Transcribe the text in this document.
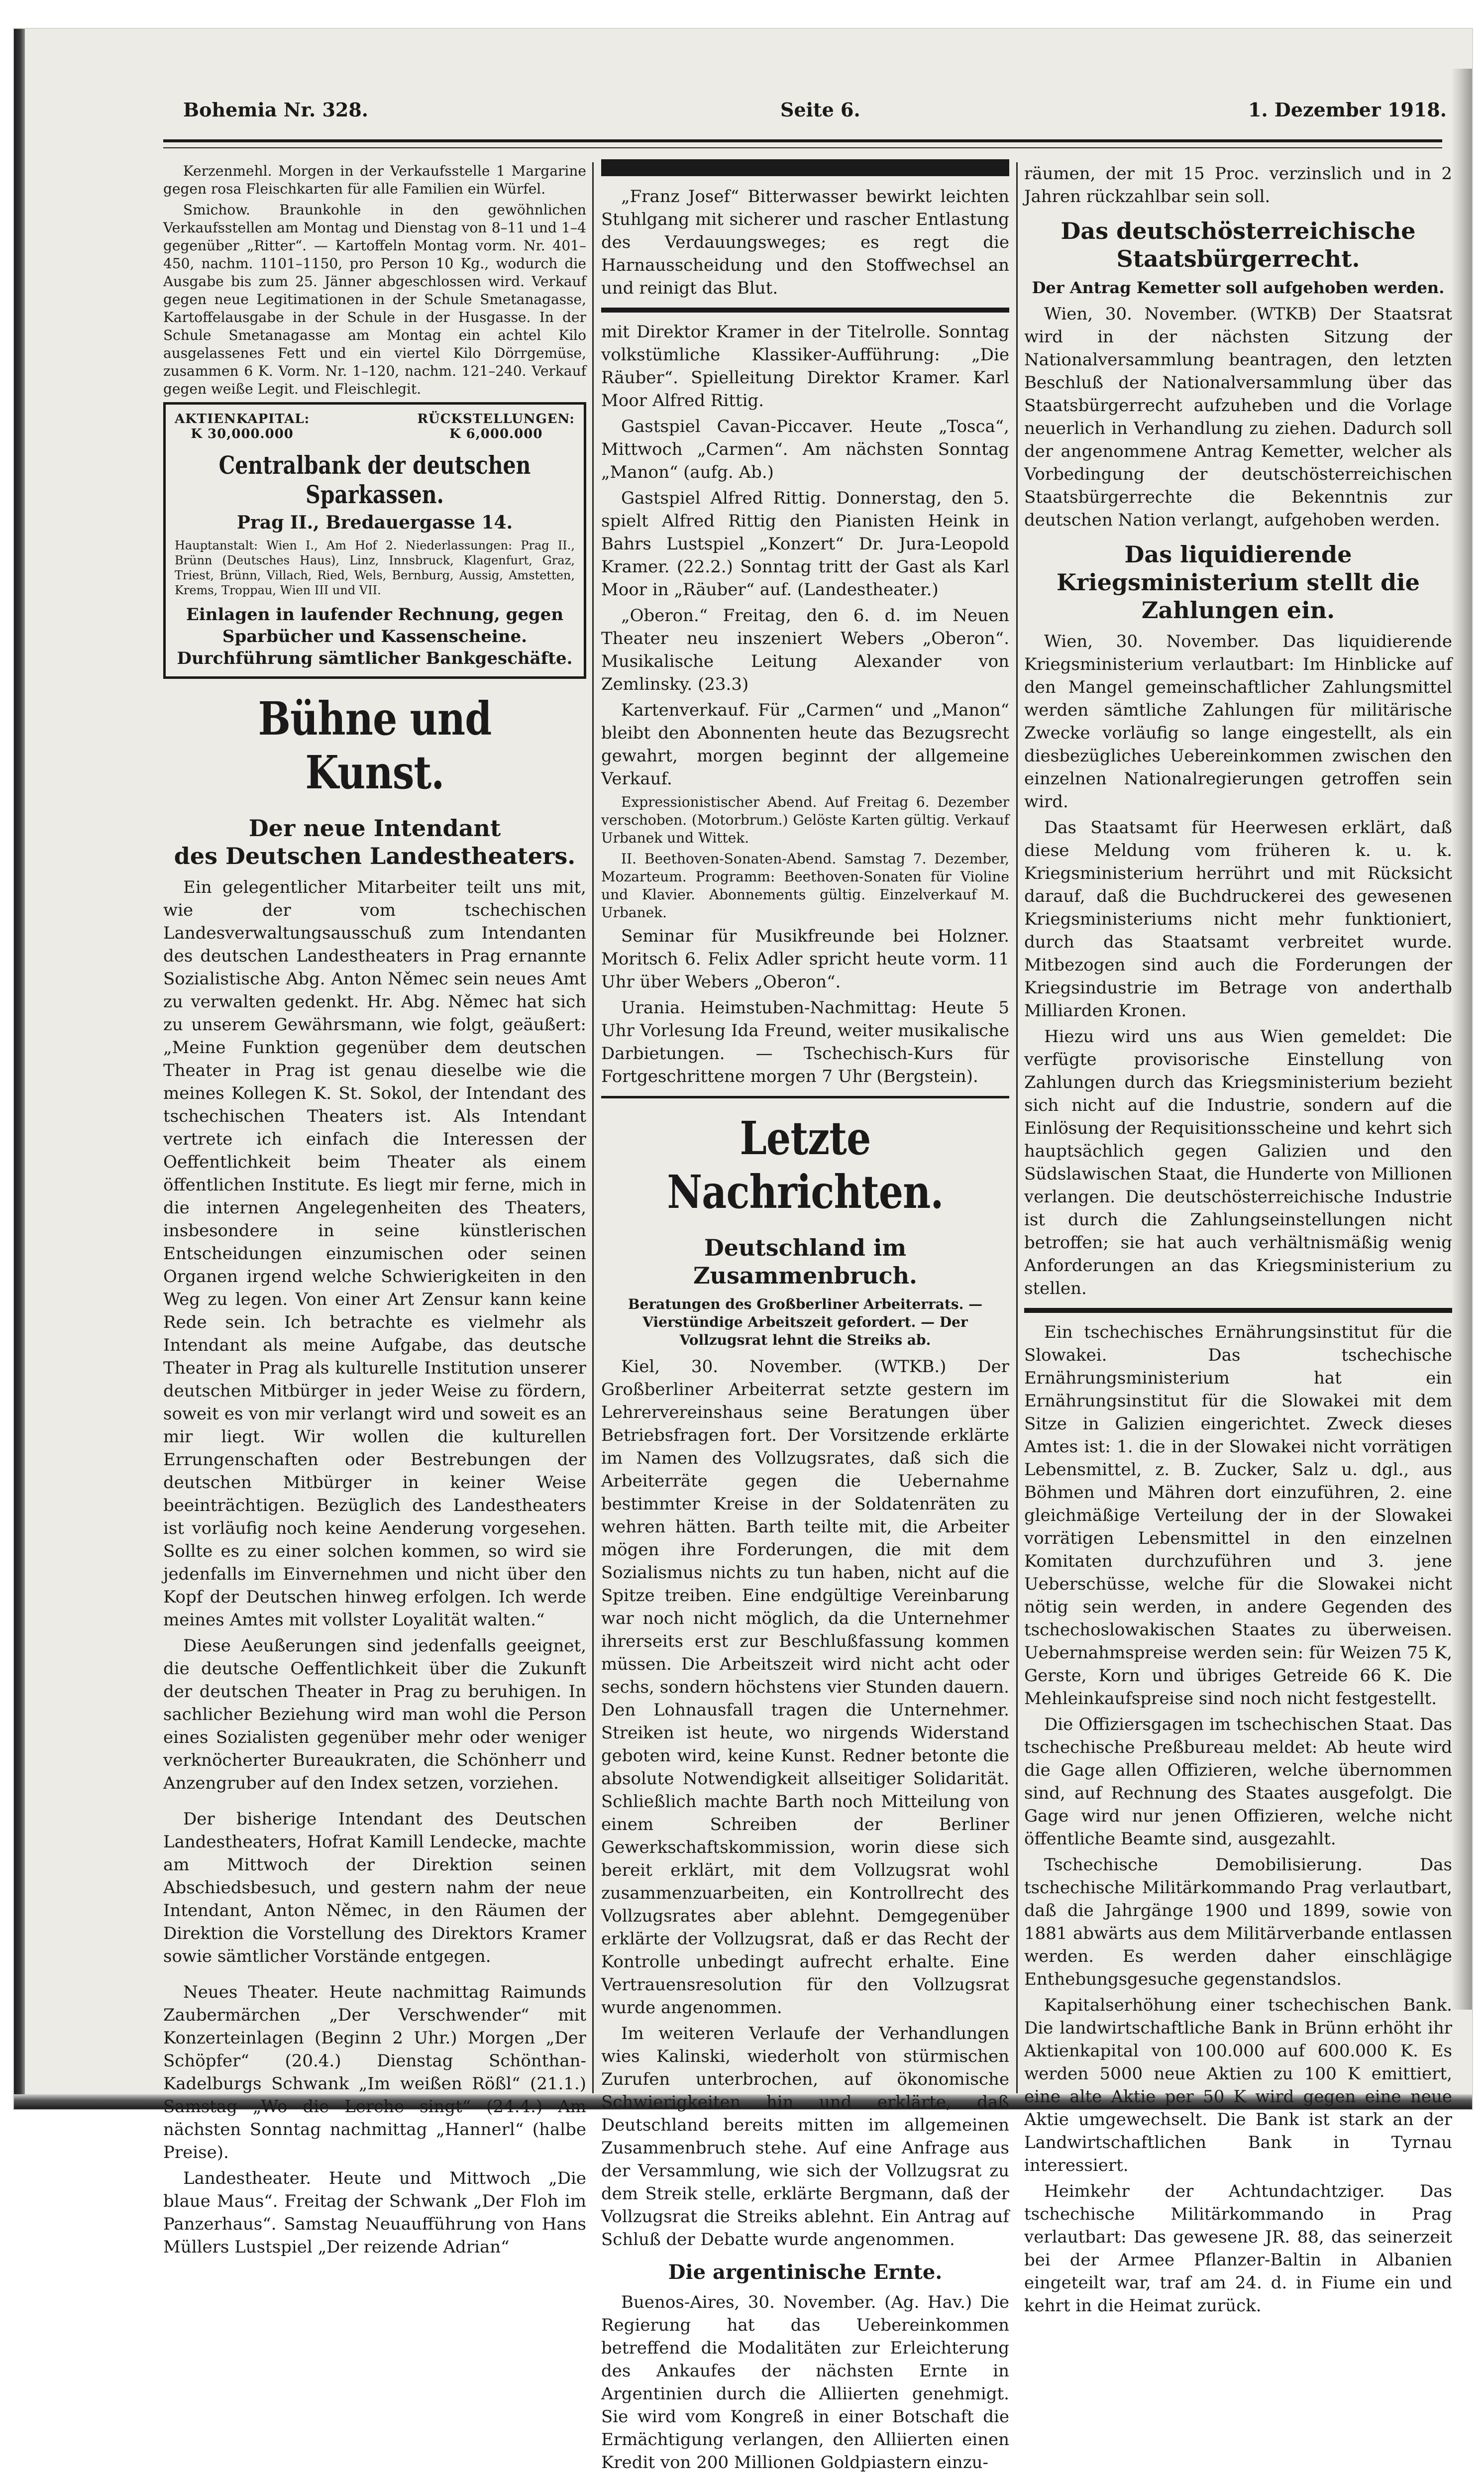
Bohemia Nr. 328.	Seite 6.	1. Dezember 1918.

Kerzenmehl. Morgen in der Verkaufsstelle 1 Margarine gegen rosa Fleischkarten für alle Familien ein Würfel.

Smichow. Braunkohle in den gewöhnlichen Verkaufsstellen am Montag und Dienstag von 8–11 und 1–4 gegenüber „Ritter“. — Kartoffeln Montag vorm. Nr. 401–450, nachm. 1101–1150, pro Person 10 Kg., wodurch die Ausgabe bis zum 25. Jänner abgeschlossen wird. Verkauf gegen neue Legitimationen in der Schule Smetanagasse, Kartoffelausgabe in der Schule in der Husgasse. In der Schule Smetanagasse am Montag ein achtel Kilo ausgelassenes Fett und ein viertel Kilo Dörrgemüse, zusammen 6 K. Vorm. Nr. 1–120, nachm. 121–240. Verkauf gegen weiße Legit. und Fleischlegit.

AKTIENKAPITAL:
K 30,000.000
RÜCKSTELLUNGEN:
K 6,000.000
Centralbank der deutschen Sparkassen.
Prag II., Bredauergasse 14.
Hauptanstalt: Wien I., Am Hof 2. Niederlassungen: Prag II., Brünn (Deutsches Haus), Linz, Innsbruck, Klagenfurt, Graz, Triest, Brünn, Villach, Ried, Wels, Bernburg, Aussig, Amstetten, Krems, Troppau, Wien III und VII.
Einlagen in laufender Rechnung, gegen
Sparbücher und Kassenscheine.
Durchführung sämtlicher Bankgeschäfte.
Bühne und Kunst.
Der neue Intendant
des Deutschen Landestheaters.

Ein gelegentlicher Mitarbeiter teilt uns mit, wie der vom tschechischen Landesverwaltungsausschuß zum Intendanten des deutschen Landestheaters in Prag ernannte Sozialistische Abg. Anton Němec sein neues Amt zu verwalten gedenkt. Hr. Abg. Němec hat sich zu unserem Gewährsmann, wie folgt, geäußert: „Meine Funktion gegenüber dem deutschen Theater in Prag ist genau dieselbe wie die meines Kollegen K. St. Sokol, der Intendant des tschechischen Theaters ist. Als Intendant vertrete ich einfach die Interessen der Oeffentlichkeit beim Theater als einem öffentlichen Institute. Es liegt mir ferne, mich in die internen Angelegenheiten des Theaters, insbesondere in seine künstlerischen Entscheidungen einzumischen oder seinen Organen irgend welche Schwierigkeiten in den Weg zu legen. Von einer Art Zensur kann keine Rede sein. Ich betrachte es vielmehr als Intendant als meine Aufgabe, das deutsche Theater in Prag als kulturelle Institution unserer deutschen Mitbürger in jeder Weise zu fördern, soweit es von mir verlangt wird und soweit es an mir liegt. Wir wollen die kulturellen Errungenschaften oder Bestrebungen der deutschen Mitbürger in keiner Weise beeinträchtigen. Bezüglich des Landestheaters ist vorläufig noch keine Aenderung vorgesehen. Sollte es zu einer solchen kommen, so wird sie jedenfalls im Einvernehmen und nicht über den Kopf der Deutschen hinweg erfolgen. Ich werde meines Amtes mit vollster Loyalität walten.“

Diese Aeußerungen sind jedenfalls geeignet, die deutsche Oeffentlichkeit über die Zukunft der deutschen Theater in Prag zu beruhigen. In sachlicher Beziehung wird man wohl die Person eines Sozialisten gegenüber mehr oder weniger verknöcherter Bureaukraten, die Schönherr und Anzengruber auf den Index setzen, vorziehen.

Der bisherige Intendant des Deutschen Landestheaters, Hofrat Kamill Lendecke, machte am Mittwoch der Direktion seinen Abschiedsbesuch, und gestern nahm der neue Intendant, Anton Němec, in den Räumen der Direktion die Vorstellung des Direktors Kramer sowie sämtlicher Vorstände entgegen.

Neues Theater. Heute nachmittag Raimunds Zaubermärchen „Der Verschwender“ mit Konzerteinlagen (Beginn 2 Uhr.) Morgen „Der Schöpfer“ (20.4.) Dienstag Schönthan-Kadelburgs Schwank „Im weißen Rößl“ (21.1.) Samstag „Wo die Lerche singt“ (24.4.) Am nächsten Sonntag nachmittag „Hannerl“ (halbe Preise).

Landestheater. Heute und Mittwoch „Die blaue Maus“. Freitag der Schwank „Der Floh im Panzerhaus“. Samstag Neuaufführung von Hans Müllers Lustspiel „Der reizende Adrian“

„Franz Josef“ Bitterwasser bewirkt leichten Stuhlgang mit sicherer und rascher Entlastung des Verdauungsweges; es regt die Harnausscheidung und den Stoffwechsel an und reinigt das Blut.

mit Direktor Kramer in der Titelrolle. Sonntag volkstümliche Klassiker-Aufführung: „Die Räuber“. Spielleitung Direktor Kramer. Karl Moor Alfred Rittig.

Gastspiel Cavan-Piccaver. Heute „Tosca“, Mittwoch „Carmen“. Am nächsten Sonntag „Manon“ (aufg. Ab.)

Gastspiel Alfred Rittig. Donnerstag, den 5. spielt Alfred Rittig den Pianisten Heink in Bahrs Lustspiel „Konzert“ Dr. Jura-Leopold Kramer. (22.2.) Sonntag tritt der Gast als Karl Moor in „Räuber“ auf. (Landestheater.)

„Oberon.“ Freitag, den 6. d. im Neuen Theater neu inszeniert Webers „Oberon“. Musikalische Leitung Alexander von Zemlinsky. (23.3)

Kartenverkauf. Für „Carmen“ und „Manon“ bleibt den Abonnenten heute das Bezugsrecht gewahrt, morgen beginnt der allgemeine Verkauf.

Expressionistischer Abend. Auf Freitag 6. Dezember verschoben. (Motorbrum.) Gelöste Karten gültig. Verkauf Urbanek und Wittek.

II. Beethoven-Sonaten-Abend. Samstag 7. Dezember, Mozarteum. Programm: Beethoven-Sonaten für Violine und Klavier. Abonnements gültig. Einzelverkauf M. Urbanek.

Seminar für Musikfreunde bei Holzner. Moritsch 6. Felix Adler spricht heute vorm. 11 Uhr über Webers „Oberon“.

Urania. Heimstuben-Nachmittag: Heute 5 Uhr Vorlesung Ida Freund, weiter musikalische Darbietungen. — Tschechisch-Kurs für Fortgeschrittene morgen 7 Uhr (Bergstein).

Letzte Nachrichten.
Deutschland im Zusammenbruch.
Beratungen des Großberliner Arbeiterrats. — Vierstündige Arbeitszeit gefordert. — Der Vollzugsrat lehnt die Streiks ab.

Kiel, 30. November. (WTKB.) Der Großberliner Arbeiterrat setzte gestern im Lehrervereinshaus seine Beratungen über Betriebsfragen fort. Der Vorsitzende erklärte im Namen des Vollzugsrates, daß sich die Arbeiterräte gegen die Uebernahme bestimmter Kreise in der Soldatenräten zu wehren hätten. Barth teilte mit, die Arbeiter mögen ihre Forderungen, die mit dem Sozialismus nichts zu tun haben, nicht auf die Spitze treiben. Eine endgültige Vereinbarung war noch nicht möglich, da die Unternehmer ihrerseits erst zur Beschlußfassung kommen müssen. Die Arbeitszeit wird nicht acht oder sechs, sondern höchstens vier Stunden dauern. Den Lohnausfall tragen die Unternehmer. Streiken ist heute, wo nirgends Widerstand geboten wird, keine Kunst. Redner betonte die absolute Notwendigkeit allseitiger Solidarität. Schließlich machte Barth noch Mitteilung von einem Schreiben der Berliner Gewerkschaftskommission, worin diese sich bereit erklärt, mit dem Vollzugsrat wohl zusammenzuarbeiten, ein Kontrollrecht des Vollzugsrates aber ablehnt. Demgegenüber erklärte der Vollzugsrat, daß er das Recht der Kontrolle unbedingt aufrecht erhalte. Eine Vertrauensresolution für den Vollzugsrat wurde angenommen.

Im weiteren Verlaufe der Verhandlungen wies Kalinski, wiederholt von stürmischen Zurufen unterbrochen, auf ökonomische Schwierigkeiten hin und erklärte, daß Deutschland bereits mitten im allgemeinen Zusammenbruch stehe. Auf eine Anfrage aus der Versammlung, wie sich der Vollzugsrat zu dem Streik stelle, erklärte Bergmann, daß der Vollzugsrat die Streiks ablehnt. Ein Antrag auf Schluß der Debatte wurde angenommen.

Die argentinische Ernte.

Buenos-Aires, 30. November. (Ag. Hav.) Die Regierung hat das Uebereinkommen betreffend die Modalitäten zur Erleichterung des Ankaufes der nächsten Ernte in Argentinien durch die Alliierten genehmigt. Sie wird vom Kongreß in einer Botschaft die Ermächtigung verlangen, den Alliierten einen Kredit von 200 Millionen Goldpiastern einzu-

räumen, der mit 15 Proc. verzinslich und in 2 Jahren rückzahlbar sein soll.

Das deutschösterreichische Staatsbürgerrecht.
Der Antrag Kemetter soll aufgehoben werden.

Wien, 30. November. (WTKB) Der Staatsrat wird in der nächsten Sitzung der Nationalversammlung beantragen, den letzten Beschluß der Nationalversammlung über das Staatsbürgerrecht aufzuheben und die Vorlage neuerlich in Verhandlung zu ziehen. Dadurch soll der angenommene Antrag Kemetter, welcher als Vorbedingung der deutschösterreichischen Staatsbürgerrechte die Bekenntnis zur deutschen Nation verlangt, aufgehoben werden.

Das liquidierende Kriegsministerium stellt die Zahlungen ein.

Wien, 30. November. Das liquidierende Kriegsministerium verlautbart: Im Hinblicke auf den Mangel gemeinschaftlicher Zahlungsmittel werden sämtliche Zahlungen für militärische Zwecke vorläufig so lange eingestellt, als ein diesbezügliches Uebereinkommen zwischen den einzelnen Nationalregierungen getroffen sein wird.

Das Staatsamt für Heerwesen erklärt, daß diese Meldung vom früheren k. u. k. Kriegsministerium herrührt und mit Rücksicht darauf, daß die Buchdruckerei des gewesenen Kriegsministeriums nicht mehr funktioniert, durch das Staatsamt verbreitet wurde. Mitbezogen sind auch die Forderungen der Kriegsindustrie im Betrage von anderthalb Milliarden Kronen.

Hiezu wird uns aus Wien gemeldet: Die verfügte provisorische Einstellung von Zahlungen durch das Kriegsministerium bezieht sich nicht auf die Industrie, sondern auf die Einlösung der Requisitionsscheine und kehrt sich hauptsächlich gegen Galizien und den Südslawischen Staat, die Hunderte von Millionen verlangen. Die deutschösterreichische Industrie ist durch die Zahlungseinstellungen nicht betroffen; sie hat auch verhältnismäßig wenig Anforderungen an das Kriegsministerium zu stellen.

Ein tschechisches Ernährungsinstitut für die Slowakei. Das tschechische Ernährungsministerium hat ein Ernährungsinstitut für die Slowakei mit dem Sitze in Galizien eingerichtet. Zweck dieses Amtes ist: 1. die in der Slowakei nicht vorrätigen Lebensmittel, z. B. Zucker, Salz u. dgl., aus Böhmen und Mähren dort einzuführen, 2. eine gleichmäßige Verteilung der in der Slowakei vorrätigen Lebensmittel in den einzelnen Komitaten durchzuführen und 3. jene Ueberschüsse, welche für die Slowakei nicht nötig sein werden, in andere Gegenden des tschechoslowakischen Staates zu überweisen. Uebernahmspreise werden sein: für Weizen 75 K, Gerste, Korn und übriges Getreide 66 K. Die Mehleinkaufspreise sind noch nicht festgestellt.

Die Offiziersgagen im tschechischen Staat. Das tschechische Preßbureau meldet: Ab heute wird die Gage allen Offizieren, welche übernommen sind, auf Rechnung des Staates ausgefolgt. Die Gage wird nur jenen Offizieren, welche nicht öffentliche Beamte sind, ausgezahlt.

Tschechische Demobilisierung. Das tschechische Militärkommando Prag verlautbart, daß die Jahrgänge 1900 und 1899, sowie von 1881 abwärts aus dem Militärverbande entlassen werden. Es werden daher einschlägige Enthebungsgesuche gegenstandslos.

Kapitalserhöhung einer tschechischen Bank. Die landwirtschaftliche Bank in Brünn erhöht ihr Aktienkapital von 100.000 auf 600.000 K. Es werden 5000 neue Aktien zu 100 K emittiert, eine alte Aktie per 50 K wird gegen eine neue Aktie umgewechselt. Die Bank ist stark an der Landwirtschaftlichen Bank in Tyrnau interessiert.

Heimkehr der Achtundachtziger. Das tschechische Militärkommando in Prag verlautbart: Das gewesene JR. 88, das seinerzeit bei der Armee Pflanzer-Baltin in Albanien eingeteilt war, traf am 24. d. in Fiume ein und kehrt in die Heimat zurück.
